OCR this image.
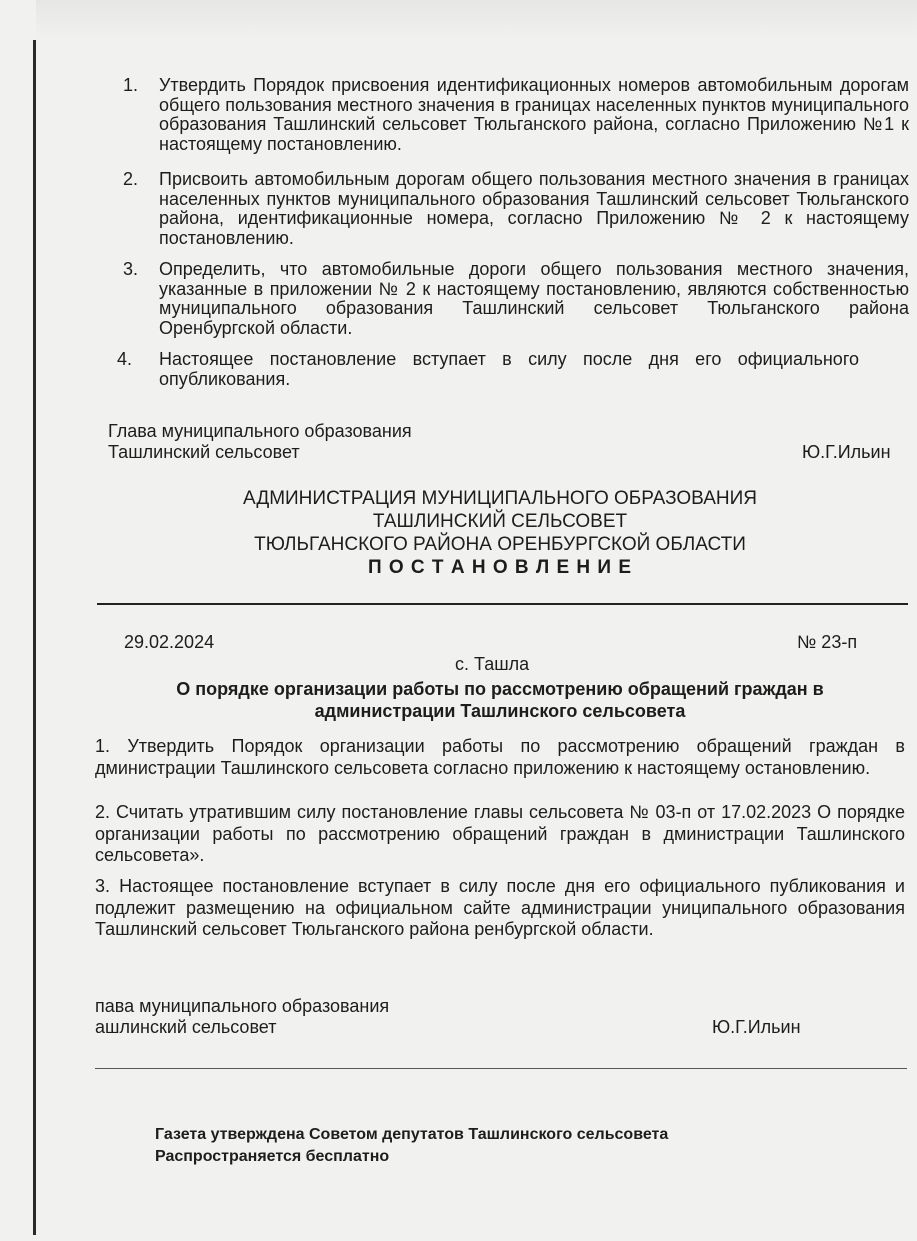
1. Утвердить Порядок присвоения идентификационных номеров автомобильным дорогам общего пользования местного значения в границах населенных пунктов муниципального образования Ташлинский сельсовет Тюльганского района, согласно Приложению №1 к настоящему постановлению.
2. Присвоить автомобильным дорогам общего пользования местного значения в границах населенных пунктов муниципального образования Ташлинский сельсовет Тюльганского района, идентификационные номера, согласно Приложению № 2 к настоящему постановлению.
3. Определить, что автомобильные дороги общего пользования местного значения, указанные в приложении № 2 к настоящему постановлению, являются собственностью муниципального образования Ташлинский сельсовет Тюльганского района Оренбургской области.
4. Настоящее постановление вступает в силу после дня его официального опубликования.
Глава муниципального образования
Ташлинский сельсовет	Ю.Г.Ильин
АДМИНИСТРАЦИЯ МУНИЦИПАЛЬНОГО ОБРАЗОВАНИЯ
ТАШЛИНСКИЙ СЕЛЬСОВЕТ
ТЮЛЬГАНСКОГО РАЙОНА ОРЕНБУРГСКОЙ ОБЛАСТИ
П О С Т А Н О В Л Е Н И Е
29.02.2024	№ 23-п
с. Ташла
О порядке организации работы по рассмотрению обращений граждан в
администрации Ташлинского сельсовета
1. Утвердить Порядок организации работы по рассмотрению обращений граждан в дминистрации Ташлинского сельсовета согласно приложению к настоящему остановлению.
2. Считать утратившим силу постановление главы сельсовета № 03-п от 17.02.2023 О порядке организации работы по рассмотрению обращений граждан в дминистрации Ташлинского сельсовета».
3. Настоящее постановление вступает в силу после дня его официального публикования и подлежит размещению на официальном сайте администрации униципального образования Ташлинский сельсовет Тюльганского района ренбургской области.
пава муниципального образования
ашлинский сельсовет	Ю.Г.Ильин
Газета утверждена Советом депутатов Ташлинского сельсовета
Распространяется бесплатно
